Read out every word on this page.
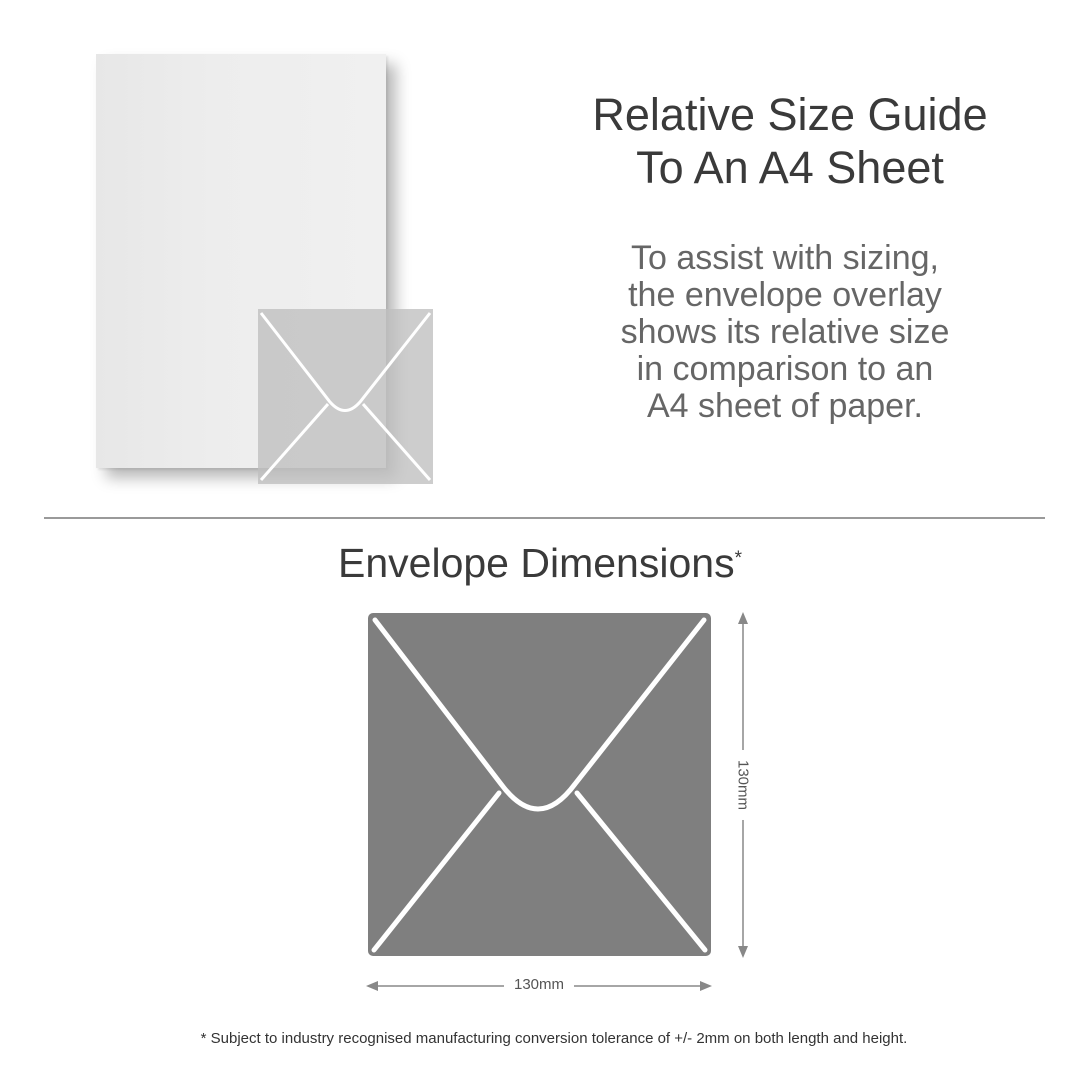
Relative Size Guide
To An A4 Sheet
To assist with sizing,
the envelope overlay
shows its relative size
in comparison to an
A4 sheet of paper.
Envelope Dimensions*
130mm
130mm
* Subject to industry recognised manufacturing conversion tolerance of +/- 2mm on both length and height.
